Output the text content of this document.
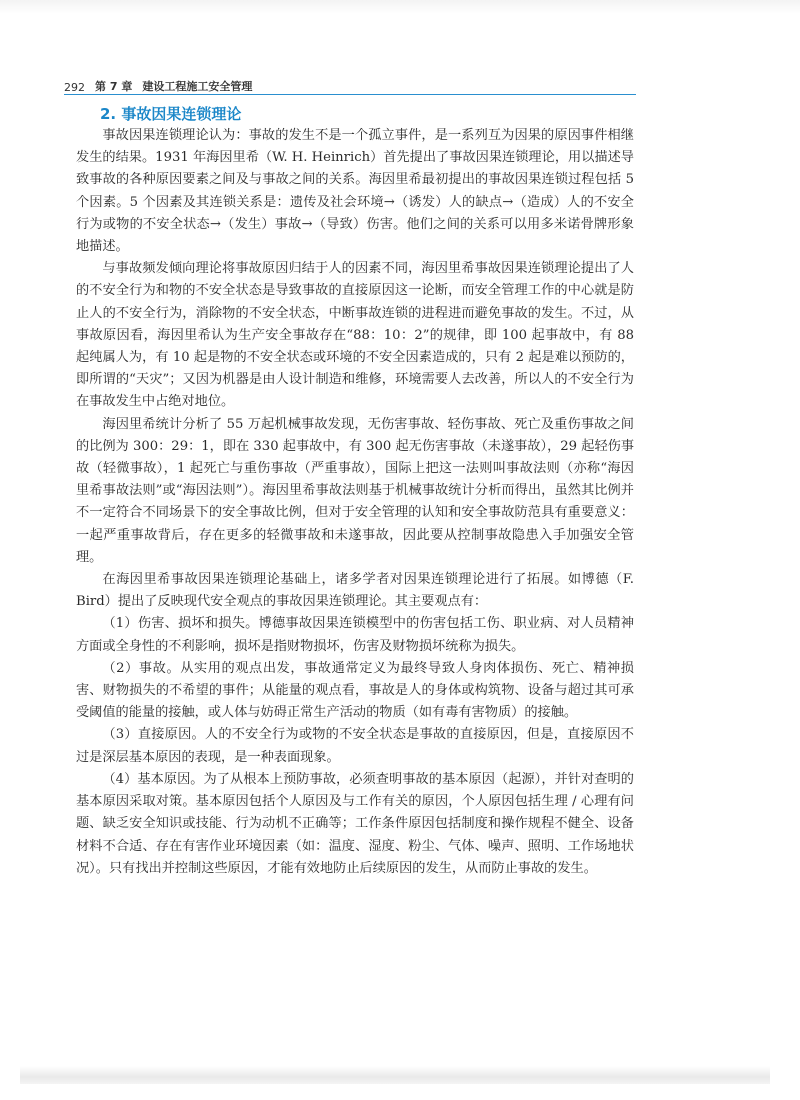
292 第 7 章 建设工程施工安全管理
2. 事故因果连锁理论

事故因果连锁理论认为：事故的发生不是一个孤立事件，是一系列互为因果的原因事件相继发生的结果。1931 年海因里希（W. H. Heinrich）首先提出了事故因果连锁理论，用以描述导致事故的各种原因要素之间及与事故之间的关系。海因里希最初提出的事故因果连锁过程包括 5 个因素。5 个因素及其连锁关系是：遗传及社会环境→（诱发）人的缺点→（造成）人的不安全行为或物的不安全状态→（发生）事故→（导致）伤害。他们之间的关系可以用多米诺骨牌形象地描述。

与事故频发倾向理论将事故原因归结于人的因素不同，海因里希事故因果连锁理论提出了人的不安全行为和物的不安全状态是导致事故的直接原因这一论断，而安全管理工作的中心就是防止人的不安全行为，消除物的不安全状态，中断事故连锁的进程进而避免事故的发生。不过，从事故原因看，海因里希认为生产安全事故存在“88：10：2”的规律，即 100 起事故中，有 88 起纯属人为，有 10 起是物的不安全状态或环境的不安全因素造成的，只有 2 起是难以预防的，即所谓的“天灾”；又因为机器是由人设计制造和维修，环境需要人去改善，所以人的不安全行为在事故发生中占绝对地位。

海因里希统计分析了 55 万起机械事故发现，无伤害事故、轻伤事故、死亡及重伤事故之间的比例为 300：29：1，即在 330 起事故中，有 300 起无伤害事故（未遂事故），29 起轻伤事故（轻微事故），1 起死亡与重伤事故（严重事故），国际上把这一法则叫事故法则（亦称“海因里希事故法则”或“海因法则”）。海因里希事故法则基于机械事故统计分析而得出，虽然其比例并不一定符合不同场景下的安全事故比例，但对于安全管理的认知和安全事故防范具有重要意义：一起严重事故背后，存在更多的轻微事故和未遂事故，因此要从控制事故隐患入手加强安全管理。

在海因里希事故因果连锁理论基础上，诸多学者对因果连锁理论进行了拓展。如博德（F. Bird）提出了反映现代安全观点的事故因果连锁理论。其主要观点有：

（1）伤害、损坏和损失。博德事故因果连锁模型中的伤害包括工伤、职业病、对人员精神方面或全身性的不利影响，损坏是指财物损坏，伤害及财物损坏统称为损失。

（2）事故。从实用的观点出发，事故通常定义为最终导致人身肉体损伤、死亡、精神损害、财物损失的不希望的事件；从能量的观点看，事故是人的身体或构筑物、设备与超过其可承受阈值的能量的接触，或人体与妨碍正常生产活动的物质（如有毒有害物质）的接触。

（3）直接原因。人的不安全行为或物的不安全状态是事故的直接原因，但是，直接原因不过是深层基本原因的表现，是一种表面现象。

（4）基本原因。为了从根本上预防事故，必须查明事故的基本原因（起源），并针对查明的基本原因采取对策。基本原因包括个人原因及与工作有关的原因，个人原因包括生理 / 心理有问题、缺乏安全知识或技能、行为动机不正确等；工作条件原因包括制度和操作规程不健全、设备材料不合适、存在有害作业环境因素（如：温度、湿度、粉尘、气体、噪声、照明、工作场地状况）。只有找出并控制这些原因，才能有效地防止后续原因的发生，从而防止事故的发生。
